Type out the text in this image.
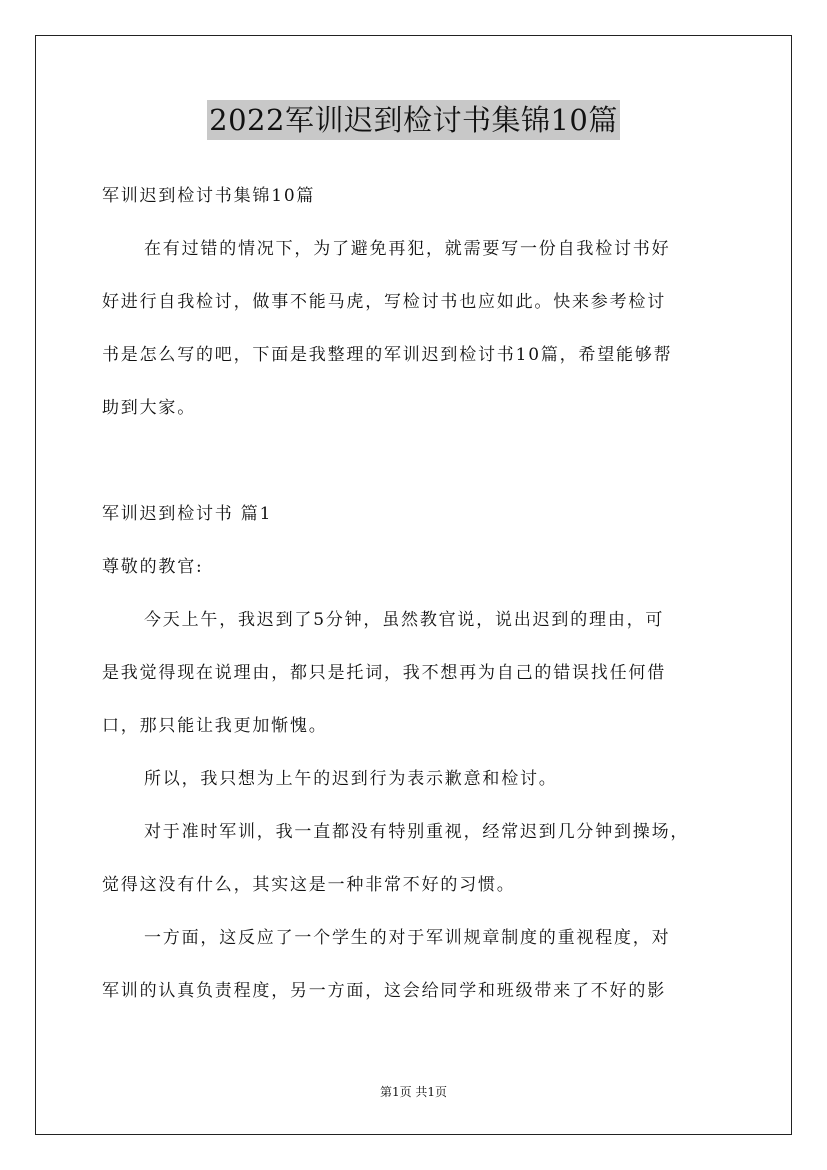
2022军训迟到检讨书集锦10篇
军训迟到检讨书集锦10篇
在有过错的情况下，为了避免再犯，就需要写一份自我检讨书好
好进行自我检讨，做事不能马虎，写检讨书也应如此。快来参考检讨
书是怎么写的吧，下面是我整理的军训迟到检讨书10篇，希望能够帮
助到大家。
军训迟到检讨书 篇1
尊敬的教官:
今天上午，我迟到了5分钟，虽然教官说，说出迟到的理由，可
是我觉得现在说理由，都只是托词，我不想再为自己的错误找任何借
口，那只能让我更加惭愧。
所以，我只想为上午的迟到行为表示歉意和检讨。
对于准时军训，我一直都没有特别重视，经常迟到几分钟到操场，
觉得这没有什么，其实这是一种非常不好的习惯。
一方面，这反应了一个学生的对于军训规章制度的重视程度，对
军训的认真负责程度，另一方面，这会给同学和班级带来了不好的影
第1页 共1页
